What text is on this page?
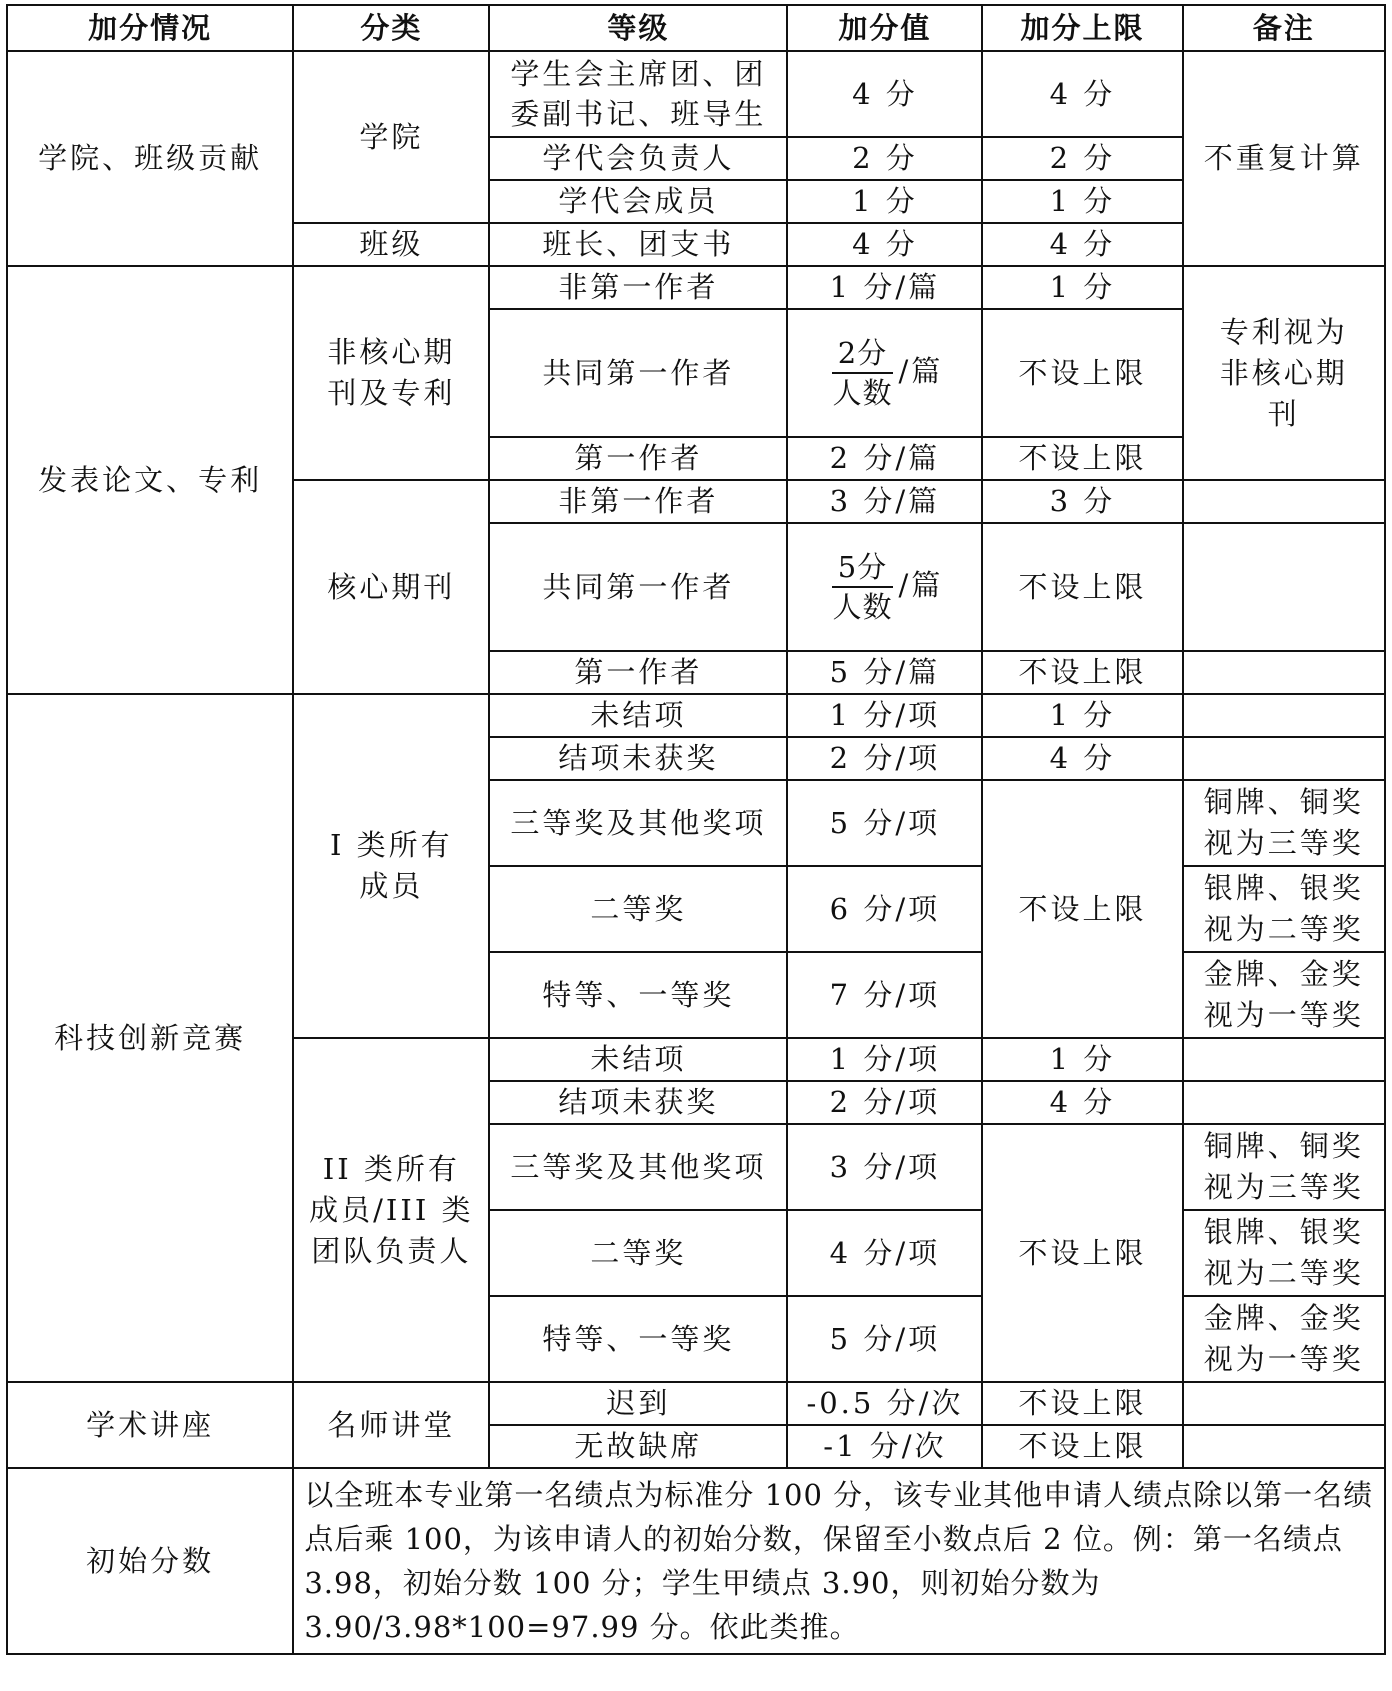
加分情况	分类	等级	加分值	加分上限	备注
学院、班级贡献	学院	学生会主席团、团委副书记、班导生	4 分	4 分	不重复计算
		学代会负责人	2 分	2 分	
		学代会成员	1 分	1 分	
	班级	班长、团支书	4 分	4 分	
发表论文、专利	非核心期刊及专利	非第一作者	1 分/篇	1 分	专利视为非核心期刊
		共同第一作者	$\frac{\text{2分}}{\text{人数}}$ /篇	不设上限	
		第一作者	2 分/篇	不设上限	
	核心期刊	非第一作者	3 分/篇	3 分	
		共同第一作者	$\frac{\text{5分}}{\text{人数}}$ /篇	不设上限	
		第一作者	5 分/篇	不设上限	
科技创新竞赛	I 类所有成员	未结项	1 分/项	1 分	
		结项未获奖	2 分/项	4 分	
		三等奖及其他奖项	5 分/项	不设上限	铜牌、铜奖视为三等奖
		二等奖	6 分/项		银牌、银奖视为二等奖
		特等、一等奖	7 分/项		金牌、金奖视为一等奖
	II 类所有成员/III 类团队负责人	未结项	1 分/项	1 分	
		结项未获奖	2 分/项	4 分	
		三等奖及其他奖项	3 分/项	不设上限	铜牌、铜奖视为三等奖
		二等奖	4 分/项		银牌、银奖视为二等奖
		特等、一等奖	5 分/项		金牌、金奖视为一等奖
学术讲座	名师讲堂	迟到	-0.5 分/次	不设上限	
		无故缺席	-1 分/次	不设上限	
初始分数	以全班本专业第一名绩点为标准分 100 分，该专业其他申请人绩点除以第一名绩点后乘 100，为该申请人的初始分数，保留至小数点后 2 位。例：第一名绩点 3.98，初始分数 100 分；学生甲绩点 3.90，则初始分数为 3.90/3.98*100=97.99 分。依此类推。				
